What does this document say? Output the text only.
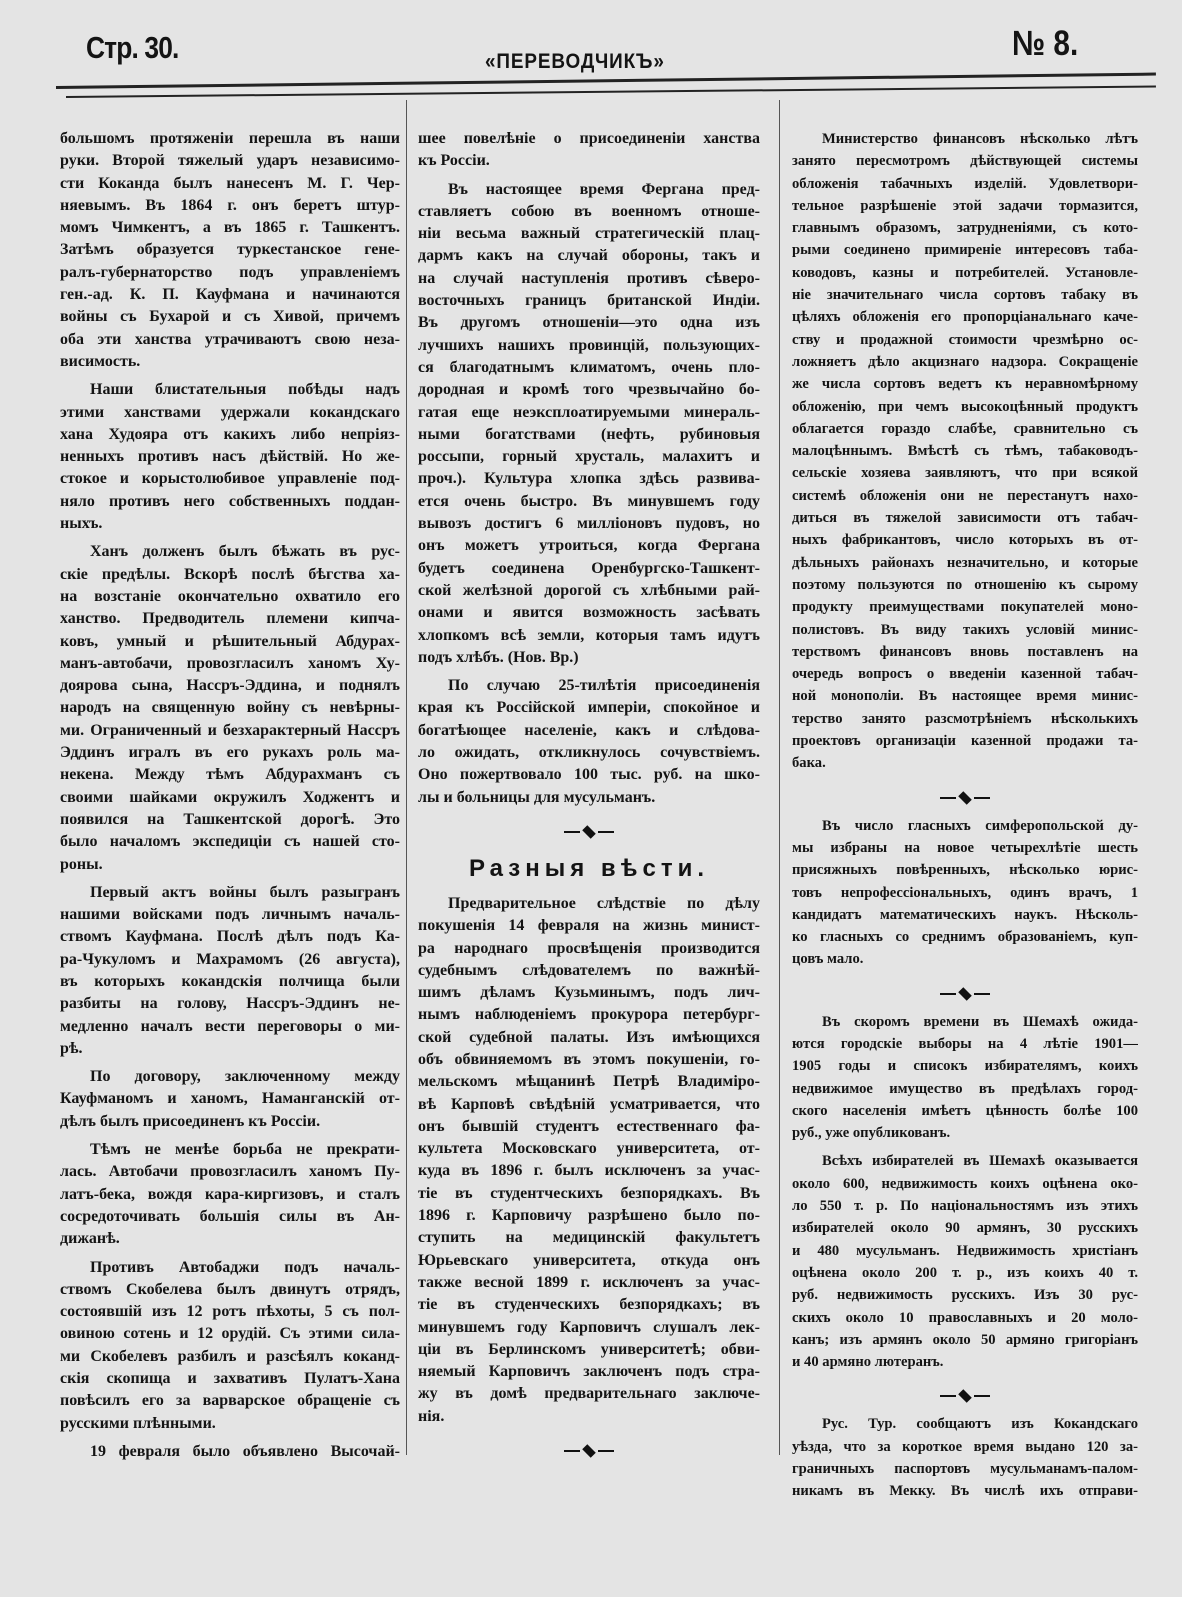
Стр. 30.	«ПЕРЕВОДЧИКЪ»	№ 8.
большомъ протяженіи перешла въ наши
руки. Второй тяжелый ударъ независимо-
сти Коканда былъ нанесенъ М. Г. Чер-
няевымъ. Въ 1864 г. онъ беретъ штур-
момъ Чимкентъ, а въ 1865 г. Ташкентъ.
Затѣмъ образуется туркестанское гене-
ралъ-губернаторство подъ управленіемъ
ген.-ад. К. П. Кауфмана и начинаются
войны съ Бухарой и съ Хивой, причемъ
оба эти ханства утрачиваютъ свою неза-
висимость.
Наши блистательныя побѣды надъ
этими ханствами удержали кокандскаго
хана Худояра отъ какихъ либо непріяз-
ненныхъ противъ насъ дѣйствій. Но же-
стокое и корыстолюбивое управленіе под-
няло противъ него собственныхъ поддан-
ныхъ.
Ханъ долженъ былъ бѣжать въ рус-
скіе предѣлы. Вскорѣ послѣ бѣгства ха-
на возстаніе окончательно охватило его
ханство. Предводитель племени кипча-
ковъ, умный и рѣшительный Абдурах-
манъ-автобачи, провозгласилъ ханомъ Ху-
доярова сына, Нассръ-Эддина, и поднялъ
народъ на священную войну съ невѣрны-
ми. Ограниченный и безхарактерный Нассръ
Эддинъ игралъ въ его рукахъ роль ма-
некена. Между тѣмъ Абдурахманъ съ
своими шайками окружилъ Ходжентъ и
появился на Ташкентской дорогѣ. Это
было началомъ экспедиціи съ нашей сто-
роны.
Первый актъ войны былъ разыгранъ
нашими войсками подъ личнымъ началь-
ствомъ Кауфмана. Послѣ дѣлъ подъ Ка-
ра-Чукуломъ и Махрамомъ (26 августа),
въ которыхъ кокандскія полчища были
разбиты на голову, Нассръ-Эддинъ не-
медленно началъ вести переговоры о ми-
рѣ.
По договору, заключенному между
Кауфманомъ и ханомъ, Наманганскій от-
дѣлъ былъ присоединенъ къ Россіи.
Тѣмъ не менѣе борьба не прекрати-
лась. Автобачи провозгласилъ ханомъ Пу-
латъ-бека, вождя кара-киргизовъ, и сталъ
сосредоточивать большія силы въ Ан-
дижанѣ.
Противъ Автобаджи подъ началь-
ствомъ Скобелева былъ двинутъ отрядъ,
состоявшій изъ 12 ротъ пѣхоты, 5 съ пол-
овиною сотень и 12 орудій. Съ этими сила-
ми Скобелевъ разбилъ и разсѣялъ коканд-
скія скопища и захвативъ Пулатъ-Хана
повѣсилъ его за варварское обращеніе съ
русскими плѣнными.
19 февраля было объявлено Высочай-
шее повелѣніе о присоединеніи ханства
къ Россіи.
Въ настоящее время Фергана пред-
ставляетъ собою въ военномъ отноше-
ніи весьма важный стратегическій плац-
дармъ какъ на случай обороны, такъ и
на случай наступленія противъ сѣверо-
восточныхъ границъ британской Индіи.
Въ другомъ отношеніи—это одна изъ
лучшихъ нашихъ провинцій, пользующих-
ся благодатнымъ климатомъ, очень пло-
дородная и кромѣ того чрезвычайно бо-
гатая еще неэксплоатируемыми минераль-
ными богатствами (нефть, рубиновыя
россыпи, горный хрусталь, малахитъ и
проч.). Культура хлопка здѣсь развива-
ется очень быстро. Въ минувшемъ году
вывозъ достигъ 6 милліоновъ пудовъ, но
онъ можетъ утроиться, когда Фергана
будетъ соединена Оренбургско-Ташкент-
ской желѣзной дорогой съ хлѣбными рай-
онами и явится возможность засѣвать
хлопкомъ всѣ земли, которыя тамъ идутъ
подъ хлѣбъ. (Нов. Вр.)
По случаю 25-тилѣтія присоединенія
края къ Россійской имперіи, спокойное и
богатѣющее населеніе, какъ и слѣдова-
ло ожидать, откликнулось сочувствіемъ.
Оно пожертвовало 100 тыс. руб. на шко-
лы и больницы для мусульманъ.
Разныя вѣсти.
Предварительное слѣдствіе по дѣлу
покушенія 14 февраля на жизнь минист-
ра народнаго просвѣщенія производится
судебнымъ слѣдователемъ по важнѣй-
шимъ дѣламъ Кузьминымъ, подъ лич-
нымъ наблюденіемъ прокурора петербург-
ской судебной палаты. Изъ имѣющихся
объ обвиняемомъ въ этомъ покушеніи, го-
мельскомъ мѣщанинѣ Петрѣ Владиміро-
вѣ Карповѣ свѣдѣній усматривается, что
онъ бывшій студентъ естественнаго фа-
культета Московскаго университета, от-
куда въ 1896 г. былъ исключенъ за учас-
тіе въ студентческихъ безпорядкахъ. Въ
1896 г. Карповичу разрѣшено было по-
ступить на медицинскій факультетъ
Юрьевскаго университета, откуда онъ
также весной 1899 г. исключенъ за учас-
тіе въ студенческихъ безпорядкахъ; въ
минувшемъ году Карповичъ слушалъ лек-
ціи въ Берлинскомъ университетѣ; обви-
няемый Карповичъ заключенъ подъ стра-
жу въ домѣ предварительнаго заключе-
нія.
Министерство финансовъ нѣсколько лѣтъ
занято пересмотромъ дѣйствующей системы
обложенія табачныхъ изделій. Удовлетвори-
тельное разрѣшеніе этой задачи тормазится,
главнымъ образомъ, затрудненіями, съ кото-
рыми соединено примиреніе интересовъ таба-
ководовъ, казны и потребителей. Установле-
ніе значительнаго числа сортовъ табаку въ
цѣляхъ обложенія его пропорціанальнаго каче-
ству и продажной стоимости чрезмѣрно ос-
ложняетъ дѣло акцизнаго надзора. Сокращеніе
же числа сортовъ ведетъ къ неравномѣрному
обложенію, при чемъ высокоцѣнный продуктъ
облагается гораздо слабѣе, сравнительно съ
малоцѣннымъ. Вмѣстѣ съ тѣмъ, табаководъ-
сельскіе хозяева заявляютъ, что при всякой
системѣ обложенія они не перестанутъ нахо-
диться въ тяжелой зависимости отъ табач-
ныхъ фабрикантовъ, число которыхъ въ от-
дѣльныхъ районахъ незначительно, и которые
поэтому пользуются по отношенію къ сырому
продукту преимуществами покупателей моно-
полистовъ. Въ виду такихъ условій минис-
терствомъ финансовъ вновь поставленъ на
очередь вопросъ о введеніи казенной табач-
ной монополіи. Въ настоящее время минис-
терство занято разсмотрѣніемъ нѣсколькихъ
проектовъ организаціи казенной продажи та-
бака.
Въ число гласныхъ симферопольской ду-
мы избраны на новое четырехлѣтіе шесть
присяжныхъ повѣренныхъ, нѣсколько юрис-
товъ непрофессіональныхъ, одинъ врачъ, 1
кандидатъ математическихъ наукъ. Нѣсколь-
ко гласныхъ со среднимъ образованіемъ, куп-
цовъ мало.
Въ скоромъ времени въ Шемахѣ ожида-
ются городскіе выборы на 4 лѣтіе 1901—
1905 годы и списокъ избирателямъ, коихъ
недвижимое имущество въ предѣлахъ город-
ского населенія имѣетъ цѣнность болѣе 100
руб., уже опубликованъ.
Всѣхъ избирателей въ Шемахѣ оказывается
около 600, недвижимость коихъ оцѣнена око-
ло 550 т. р. По національностямъ изъ этихъ
избирателей около 90 армянъ, 30 русскихъ
и 480 мусульманъ. Недвижимость христіанъ
оцѣнена около 200 т. р., изъ коихъ 40 т.
руб. недвижимость русскихъ. Изъ 30 рус-
скихъ около 10 православныхъ и 20 моло-
канъ; изъ армянъ около 50 армяно григоріанъ
и 40 армяно лютеранъ.
Рус. Тур. сообщаютъ изъ Кокандскаго
уѣзда, что за короткое время выдано 120 за-
граничныхъ паспортовъ мусульманамъ-палом-
никамъ въ Мекку. Въ числѣ ихъ отправи-
